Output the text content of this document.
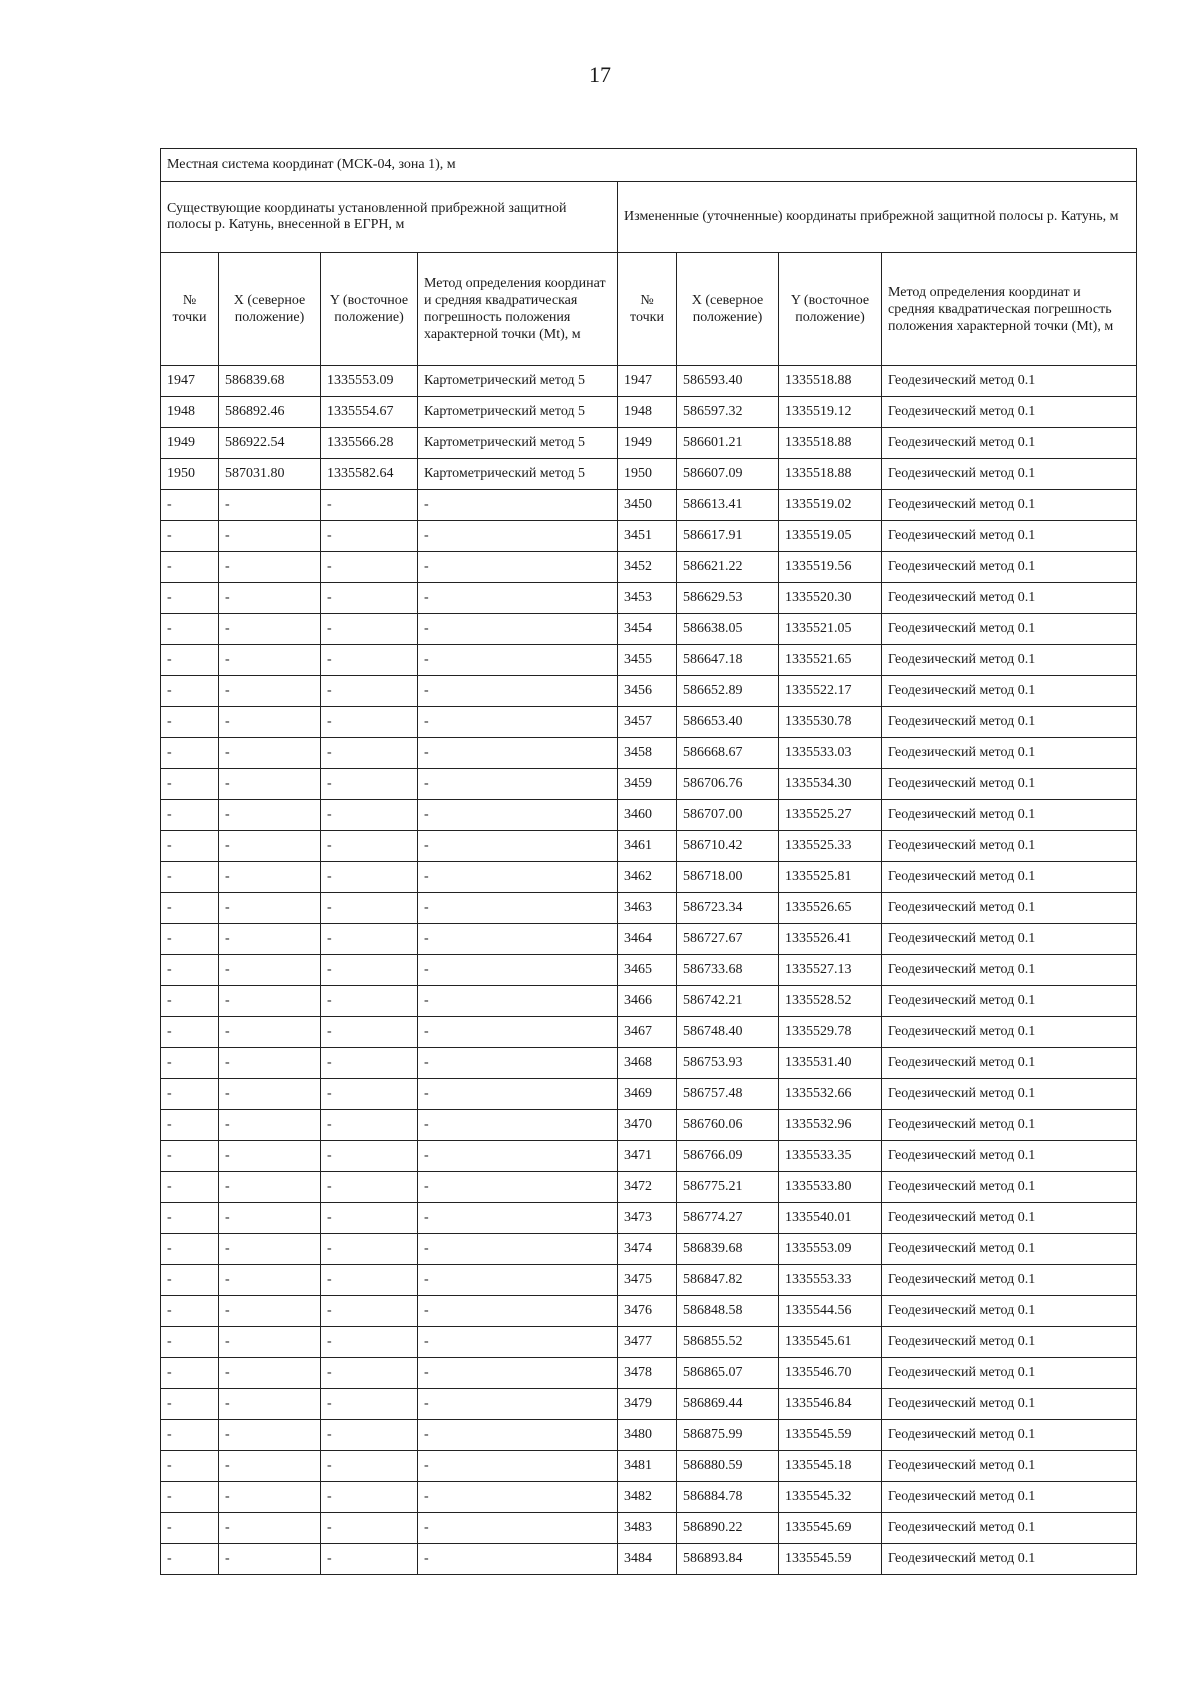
17
Местная система координат (МСК-04, зона 1), м							
Существующие координаты установленной прибрежной защитной полосы р. Катунь, внесенной в ЕГРН, м				Измененные (уточненные) координаты прибрежной защитной полосы р. Катунь, м			
№ точки	X (северное положение)	Y (восточное положение)	Метод определения координат и средняя квадратическая погрешность положения характерной точки (Mt), м	№ точки	X (северное положение)	Y (восточное положение)	Метод определения координат и средняя квадратическая погрешность положения характерной точки (Mt), м
1947	586839.68	1335553.09	Картометрический метод 5	1947	586593.40	1335518.88	Геодезический метод 0.1
1948	586892.46	1335554.67	Картометрический метод 5	1948	586597.32	1335519.12	Геодезический метод 0.1
1949	586922.54	1335566.28	Картометрический метод 5	1949	586601.21	1335518.88	Геодезический метод 0.1
1950	587031.80	1335582.64	Картометрический метод 5	1950	586607.09	1335518.88	Геодезический метод 0.1
-	-	-	-	3450	586613.41	1335519.02	Геодезический метод 0.1
-	-	-	-	3451	586617.91	1335519.05	Геодезический метод 0.1
-	-	-	-	3452	586621.22	1335519.56	Геодезический метод 0.1
-	-	-	-	3453	586629.53	1335520.30	Геодезический метод 0.1
-	-	-	-	3454	586638.05	1335521.05	Геодезический метод 0.1
-	-	-	-	3455	586647.18	1335521.65	Геодезический метод 0.1
-	-	-	-	3456	586652.89	1335522.17	Геодезический метод 0.1
-	-	-	-	3457	586653.40	1335530.78	Геодезический метод 0.1
-	-	-	-	3458	586668.67	1335533.03	Геодезический метод 0.1
-	-	-	-	3459	586706.76	1335534.30	Геодезический метод 0.1
-	-	-	-	3460	586707.00	1335525.27	Геодезический метод 0.1
-	-	-	-	3461	586710.42	1335525.33	Геодезический метод 0.1
-	-	-	-	3462	586718.00	1335525.81	Геодезический метод 0.1
-	-	-	-	3463	586723.34	1335526.65	Геодезический метод 0.1
-	-	-	-	3464	586727.67	1335526.41	Геодезический метод 0.1
-	-	-	-	3465	586733.68	1335527.13	Геодезический метод 0.1
-	-	-	-	3466	586742.21	1335528.52	Геодезический метод 0.1
-	-	-	-	3467	586748.40	1335529.78	Геодезический метод 0.1
-	-	-	-	3468	586753.93	1335531.40	Геодезический метод 0.1
-	-	-	-	3469	586757.48	1335532.66	Геодезический метод 0.1
-	-	-	-	3470	586760.06	1335532.96	Геодезический метод 0.1
-	-	-	-	3471	586766.09	1335533.35	Геодезический метод 0.1
-	-	-	-	3472	586775.21	1335533.80	Геодезический метод 0.1
-	-	-	-	3473	586774.27	1335540.01	Геодезический метод 0.1
-	-	-	-	3474	586839.68	1335553.09	Геодезический метод 0.1
-	-	-	-	3475	586847.82	1335553.33	Геодезический метод 0.1
-	-	-	-	3476	586848.58	1335544.56	Геодезический метод 0.1
-	-	-	-	3477	586855.52	1335545.61	Геодезический метод 0.1
-	-	-	-	3478	586865.07	1335546.70	Геодезический метод 0.1
-	-	-	-	3479	586869.44	1335546.84	Геодезический метод 0.1
-	-	-	-	3480	586875.99	1335545.59	Геодезический метод 0.1
-	-	-	-	3481	586880.59	1335545.18	Геодезический метод 0.1
-	-	-	-	3482	586884.78	1335545.32	Геодезический метод 0.1
-	-	-	-	3483	586890.22	1335545.69	Геодезический метод 0.1
-	-	-	-	3484	586893.84	1335545.59	Геодезический метод 0.1
